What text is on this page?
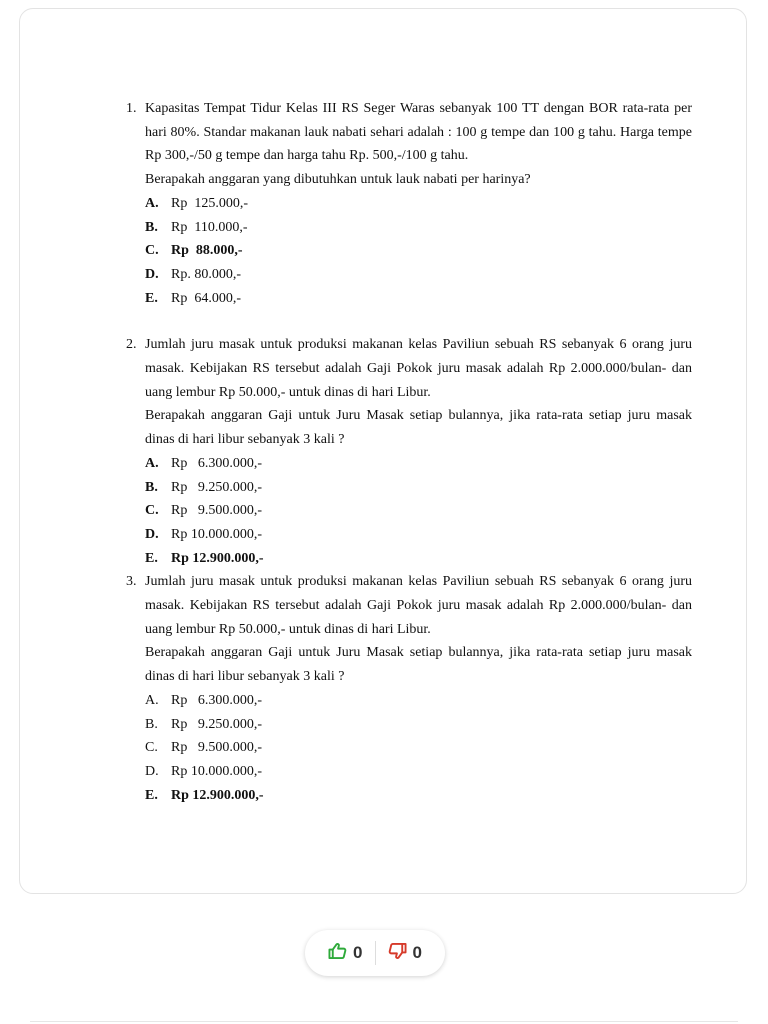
1. Kapasitas Tempat Tidur Kelas III RS Seger Waras sebanyak 100 TT dengan BOR rata-rata per hari 80%. Standar makanan lauk nabati sehari adalah : 100 g tempe dan 100 g tahu. Harga tempe Rp 300,-/50 g tempe dan harga tahu Rp. 500,-/100 g tahu.

Berapakah anggaran yang dibutuhkan untuk lauk nabati per harinya?

A. Rp  125.000,-
B. Rp  110.000,-
C. Rp  88.000,-
D. Rp. 80.000,-
E. Rp  64.000,-
2. Jumlah juru masak untuk produksi makanan kelas Paviliun sebuah RS sebanyak 6 orang juru masak. Kebijakan RS tersebut adalah Gaji Pokok juru masak adalah Rp 2.000.000/bulan- dan uang lembur Rp 50.000,- untuk dinas di hari Libur.

Berapakah anggaran Gaji untuk Juru Masak setiap bulannya, jika rata-rata setiap juru masak dinas di hari libur sebanyak 3 kali ?

A. Rp   6.300.000,-
B. Rp   9.250.000,-
C. Rp   9.500.000,-
D. Rp 10.000.000,-
E. Rp 12.900.000,-
3. Jumlah juru masak untuk produksi makanan kelas Paviliun sebuah RS sebanyak 6 orang juru masak. Kebijakan RS tersebut adalah Gaji Pokok juru masak adalah Rp 2.000.000/bulan- dan uang lembur Rp 50.000,- untuk dinas di hari Libur.

Berapakah anggaran Gaji untuk Juru Masak setiap bulannya, jika rata-rata setiap juru masak dinas di hari libur sebanyak 3 kali ?

A. Rp   6.300.000,-
B. Rp   9.250.000,-
C. Rp   9.500.000,-
D. Rp 10.000.000,-
E. Rp 12.900.000,-
0	0
